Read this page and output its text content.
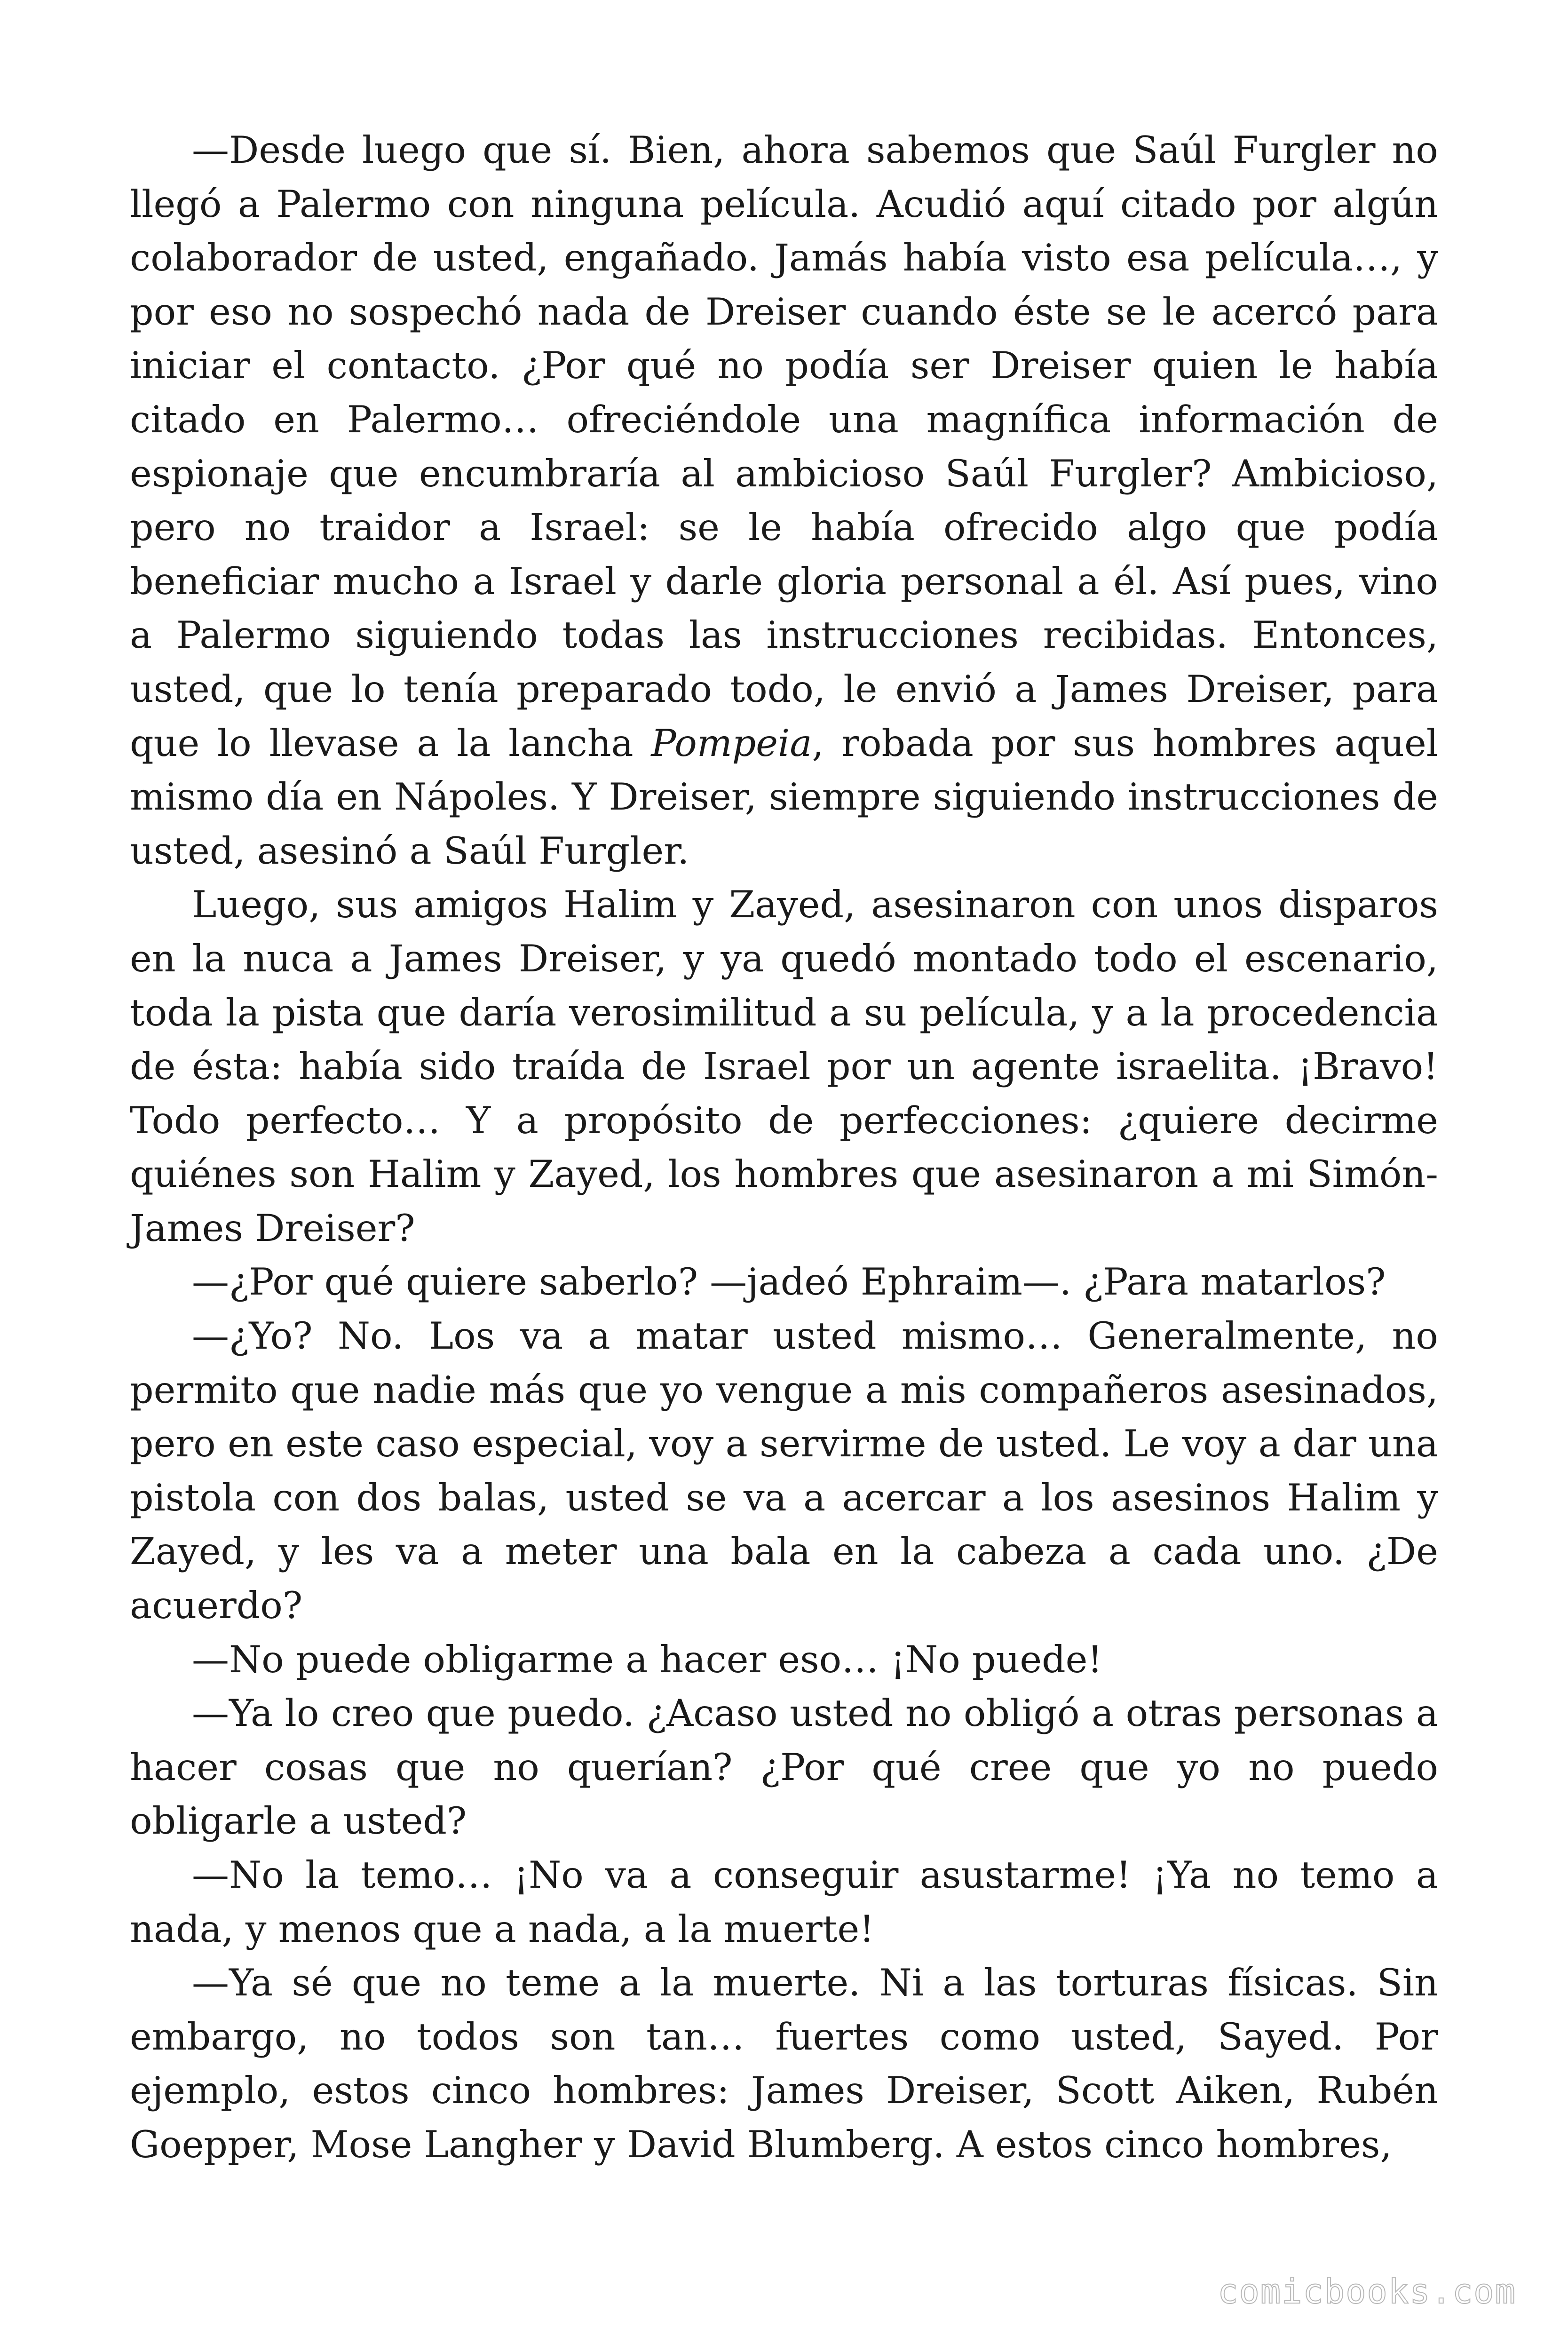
—Desde luego que sí. Bien, ahora sabemos que Saúl Furgler no llegó a Palermo con ninguna película. Acudió aquí citado por algún colaborador de usted, engañado. Jamás había visto esa película…, y por eso no sospechó nada de Dreiser cuando éste se le acercó para iniciar el contacto. ¿Por qué no podía ser Dreiser quien le había citado en Palermo… ofreciéndole una magnífica información de espionaje que encumbraría al ambicioso Saúl Furgler? Ambicioso, pero no traidor a Israel: se le había ofrecido algo que podía beneficiar mucho a Israel y darle gloria personal a él. Así pues, vino a Palermo siguiendo todas las instrucciones recibidas. Entonces, usted, que lo tenía preparado todo, le envió a James Dreiser, para que lo llevase a la lancha Pompeia, robada por sus hombres aquel mismo día en Nápoles. Y Dreiser, siempre siguiendo instrucciones de usted, asesinó a Saúl Furgler.

Luego, sus amigos Halim y Zayed, asesinaron con unos disparos en la nuca a James Dreiser, y ya quedó montado todo el escenario, toda la pista que daría verosimilitud a su película, y a la procedencia de ésta: había sido traída de Israel por un agente israelita. ¡Bravo! Todo perfecto… Y a propósito de perfecciones: ¿quiere decirme quiénes son Halim y Zayed, los hombres que asesinaron a mi Simón-James Dreiser?

—¿Por qué quiere saberlo? —jadeó Ephraim—. ¿Para matarlos?

—¿Yo? No. Los va a matar usted mismo… Generalmente, no permito que nadie más que yo vengue a mis compañeros asesinados, pero en este caso especial, voy a servirme de usted. Le voy a dar una pistola con dos balas, usted se va a acercar a los asesinos Halim y Zayed, y les va a meter una bala en la cabeza a cada uno. ¿De acuerdo?

—No puede obligarme a hacer eso… ¡No puede!

—Ya lo creo que puedo. ¿Acaso usted no obligó a otras personas a hacer cosas que no querían? ¿Por qué cree que yo no puedo obligarle a usted?

—No la temo… ¡No va a conseguir asustarme! ¡Ya no temo a nada, y menos que a nada, a la muerte!

—Ya sé que no teme a la muerte. Ni a las torturas físicas. Sin embargo, no todos son tan… fuertes como usted, Sayed. Por ejemplo, estos cinco hombres: James Dreiser, Scott Aiken, Rubén Goepper, Mose Langher y David Blumberg. A estos cinco hombres,

comicbooks.com
